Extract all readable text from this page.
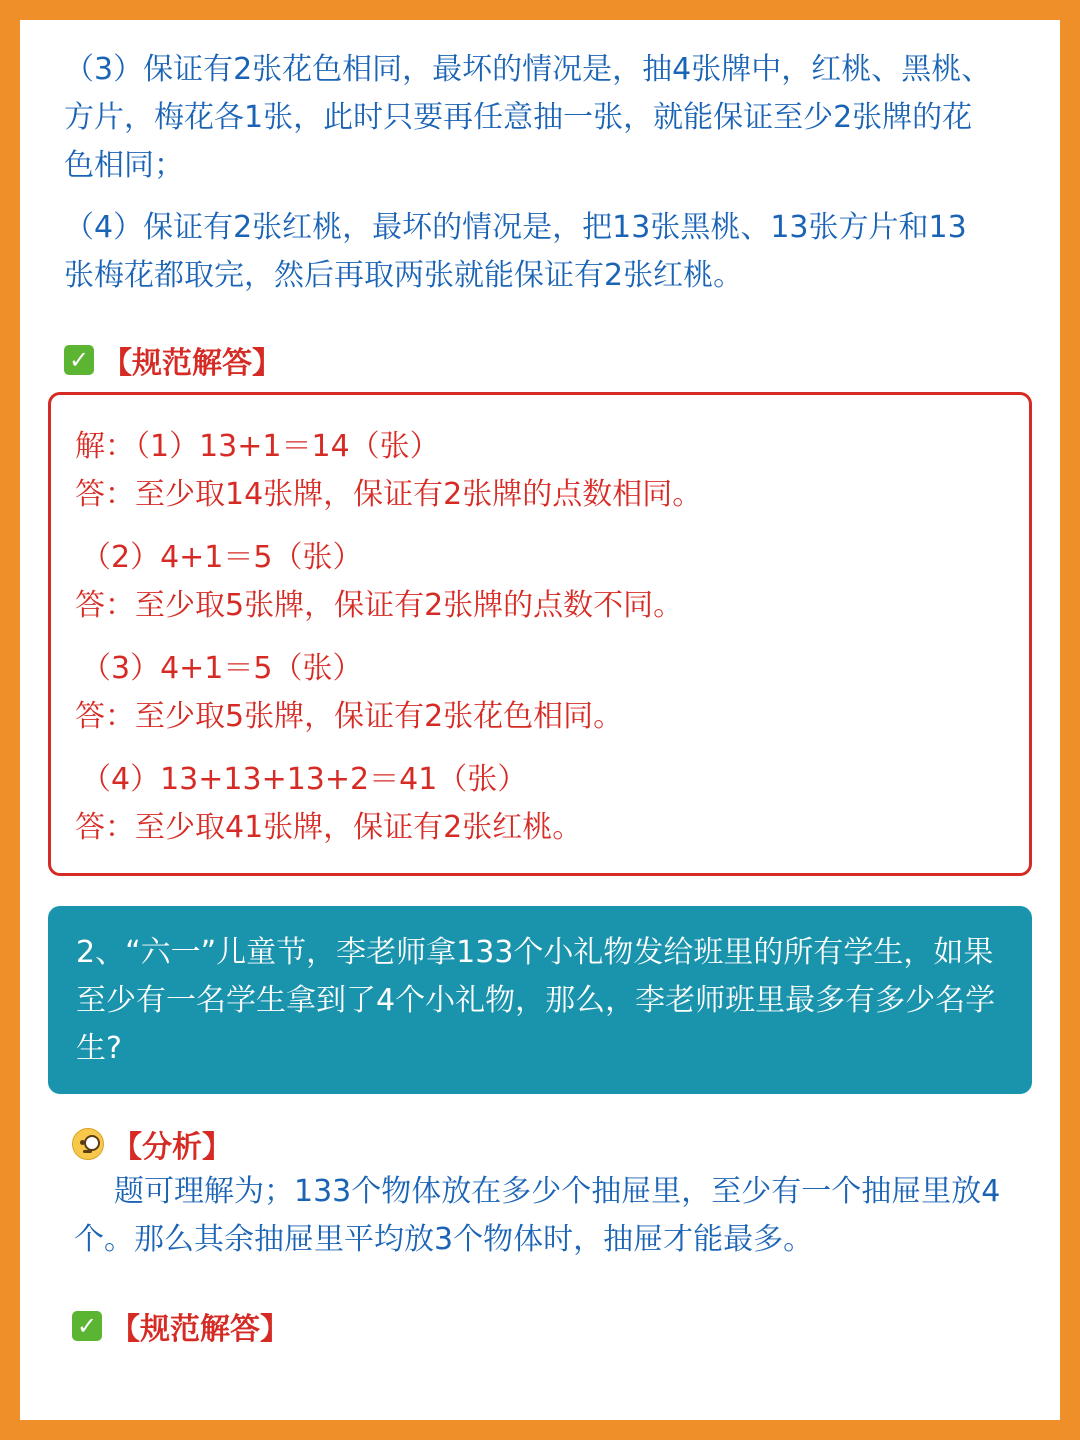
（3）保证有2张花色相同，最坏的情况是，抽4张牌中，红桃、黑桃、方片，梅花各1张，此时只要再任意抽一张，就能保证至少2张牌的花色相同；
（4）保证有2张红桃，最坏的情况是，把13张黑桃、13张方片和13张梅花都取完，然后再取两张就能保证有2张红桃。
✓ 【规范解答】
解：（1）13+1＝14（张）
答：至少取14张牌，保证有2张牌的点数相同。
（2）4+1＝5（张）
答：至少取5张牌，保证有2张牌的点数不同。
（3）4+1＝5（张）
答：至少取5张牌，保证有2张花色相同。
（4）13+13+13+2＝41（张）
答：至少取41张牌，保证有2张红桃。
2、“六一”儿童节，李老师拿133个小礼物发给班里的所有学生，如果至少有一名学生拿到了4个小礼物，那么，李老师班里最多有多少名学生?
【分析】
题可理解为；133个物体放在多少个抽屉里，至少有一个抽屉里放4个。那么其余抽屉里平均放3个物体时，抽屉才能最多。
✓ 【规范解答】
